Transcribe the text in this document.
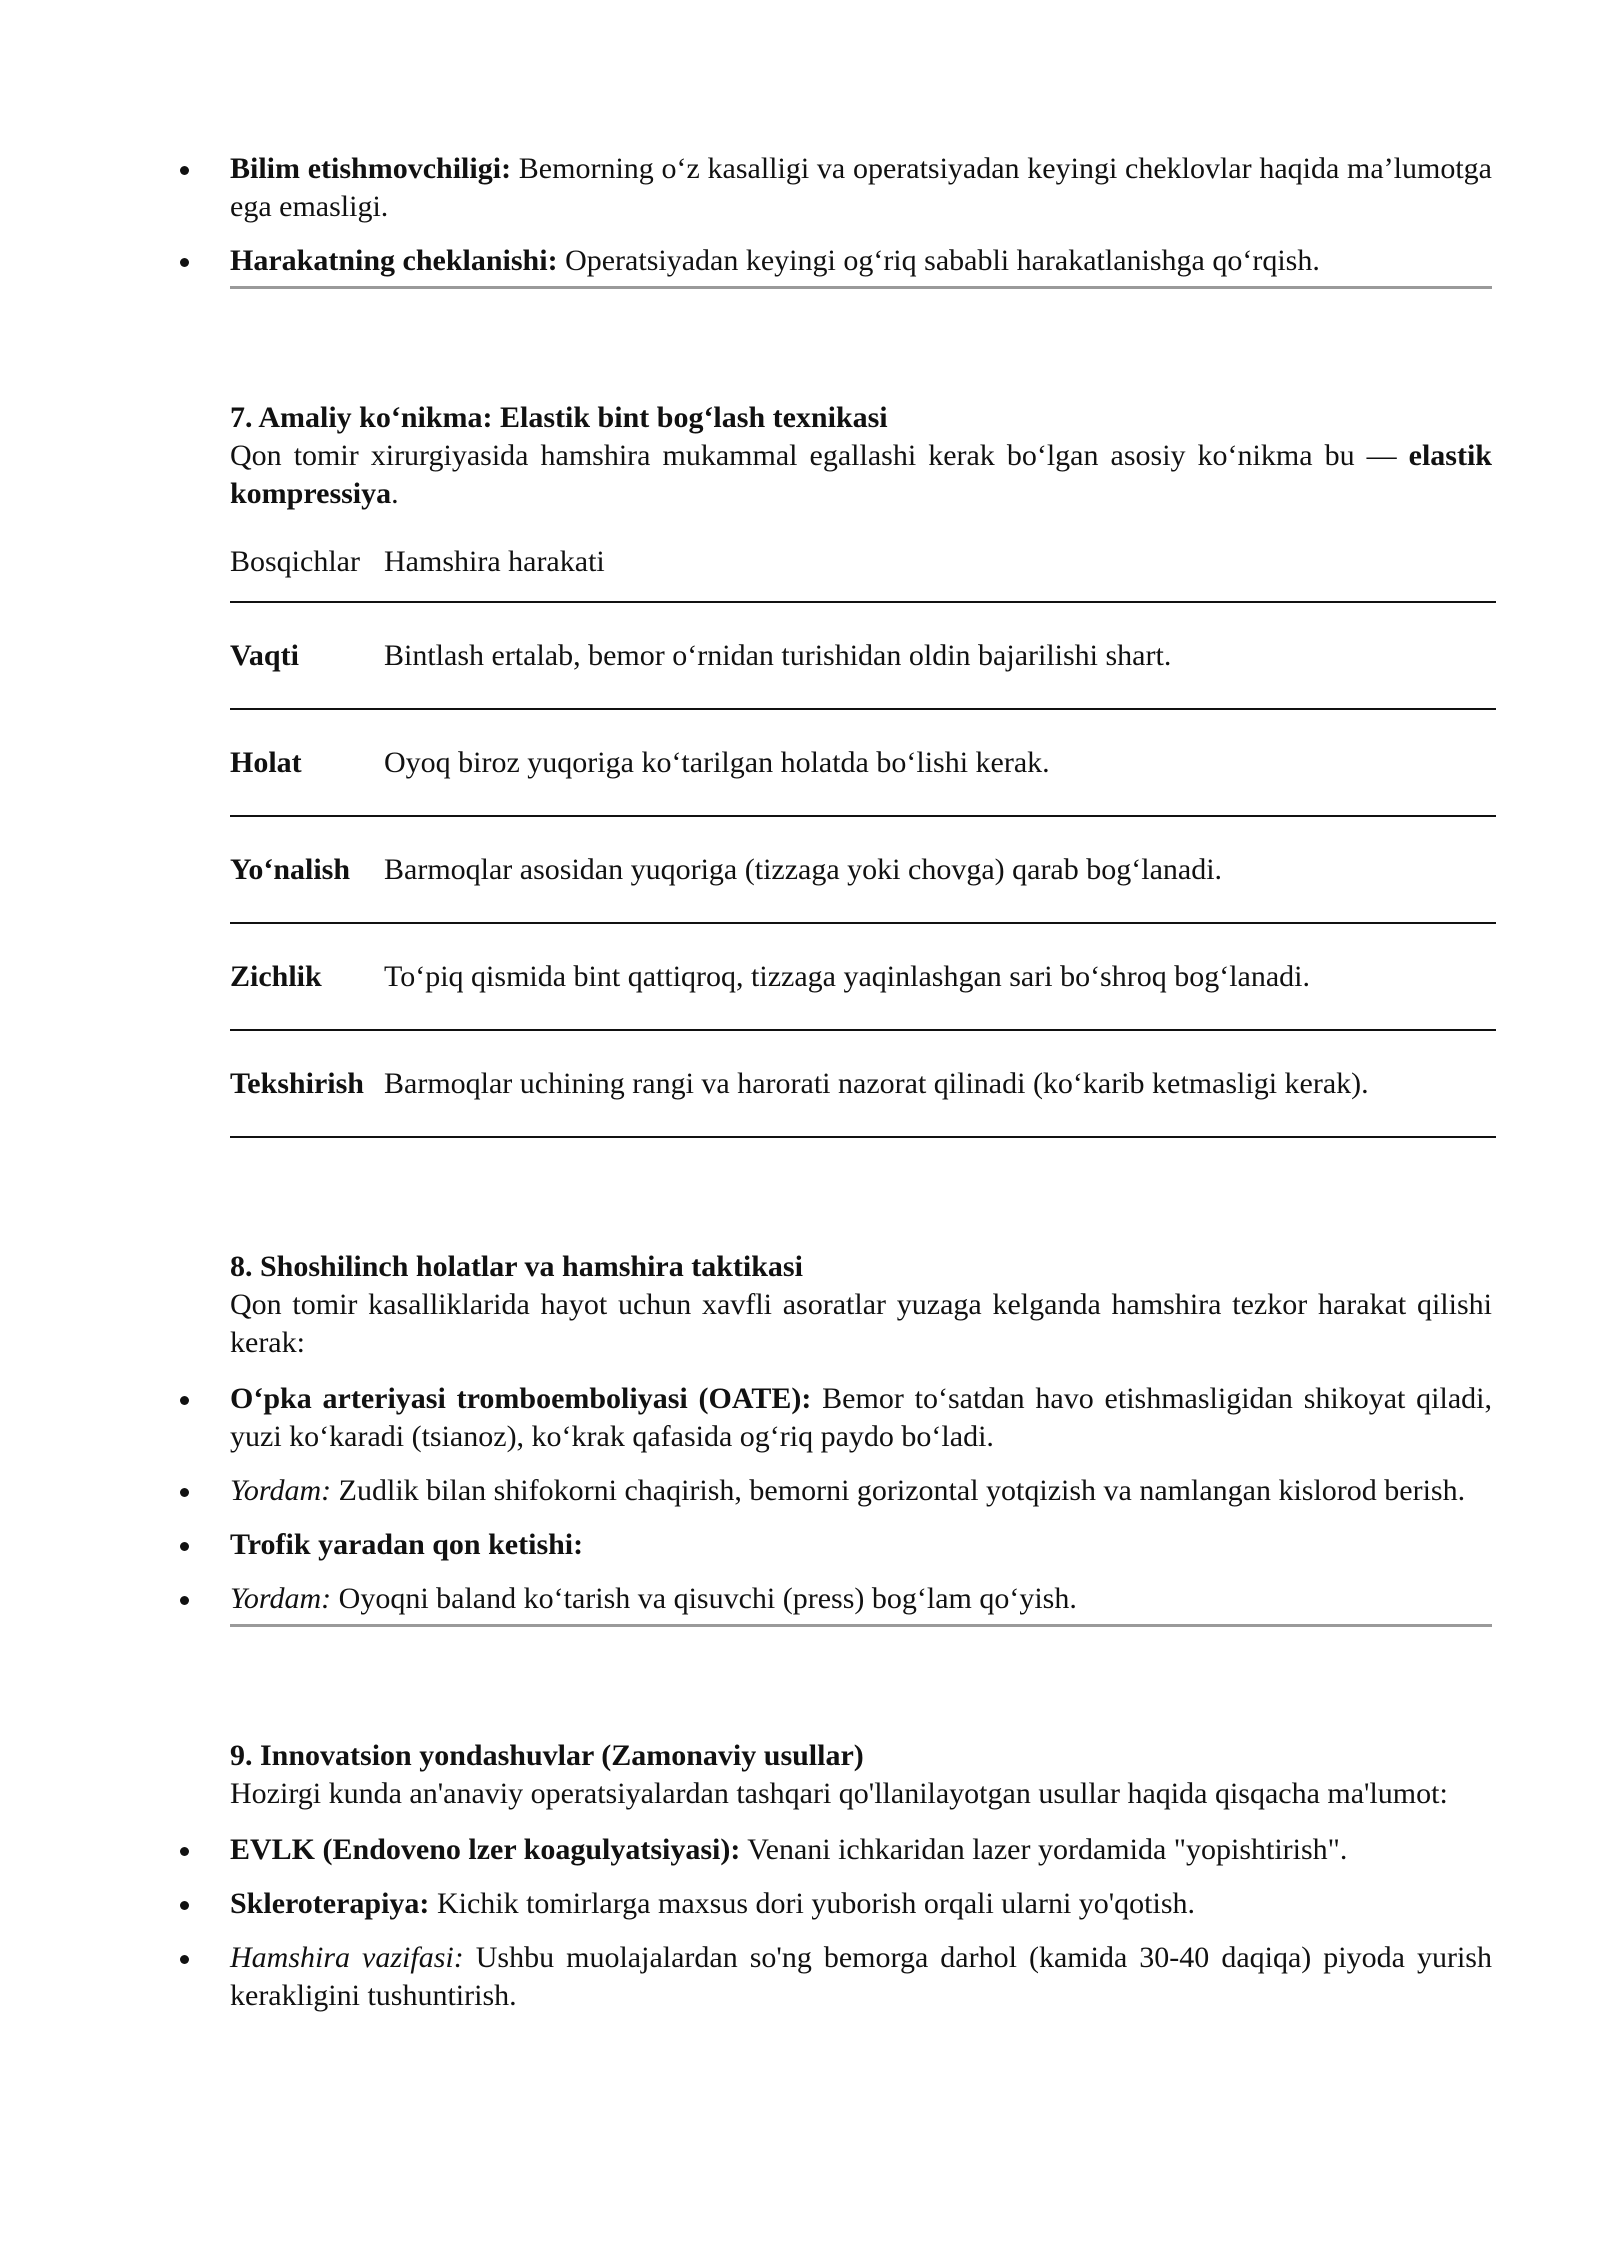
Bilim etishmovchiligi: Bemorning o‘z kasalligi va operatsiyadan keyingi cheklovlar haqida ma’lumotga ega emasligi.
Harakatning cheklanishi: Operatsiyadan keyingi og‘riq sababli harakatlanishga qo‘rqish.
7. Amaliy ko‘nikma: Elastik bint bog‘lash texnikasi

Qon tomir xirurgiyasida hamshira mukammal egallashi kerak bo‘lgan asosiy ko‘nikma bu — elastik kompressiya.

Bosqichlar Hamshira harakati
Vaqti	Bintlash ertalab, bemor o‘rnidan turishidan oldin bajarilishi shart.
Holat	Oyoq biroz yuqoriga ko‘tarilgan holatda bo‘lishi kerak.
Yo‘nalish	Barmoqlar asosidan yuqoriga (tizzaga yoki chovga) qarab bog‘lanadi.
Zichlik	To‘piq qismida bint qattiqroq, tizzaga yaqinlashgan sari bo‘shroq bog‘lanadi.
Tekshirish Barmoqlar uchining rangi va harorati nazorat qilinadi (ko‘karib ketmasligi kerak).
8. Shoshilinch holatlar va hamshira taktikasi

Qon tomir kasalliklarida hayot uchun xavfli asoratlar yuzaga kelganda hamshira tezkor harakat qilishi kerak:

O‘pka arteriyasi tromboemboliyasi (OATE): Bemor to‘satdan havo etishmasligidan shikoyat qiladi, yuzi ko‘karadi (tsianoz), ko‘krak qafasida og‘riq paydo bo‘ladi.
Yordam: Zudlik bilan shifokorni chaqirish, bemorni gorizontal yotqizish va namlangan kislorod berish.
Trofik yaradan qon ketishi:
Yordam: Oyoqni baland ko‘tarish va qisuvchi (press) bog‘lam qo‘yish.
9. Innovatsion yondashuvlar (Zamonaviy usullar)

Hozirgi kunda an'anaviy operatsiyalardan tashqari qo'llanilayotgan usullar haqida qisqacha ma'lumot:

EVLK (Endoveno lzer koagulyatsiyasi): Venani ichkaridan lazer yordamida "yopishtirish".
Skleroterapiya: Kichik tomirlarga maxsus dori yuborish orqali ularni yo'qotish.
Hamshira vazifasi: Ushbu muolajalardan so'ng bemorga darhol (kamida 30-40 daqiqa) piyoda yurish kerakligini tushuntirish.
